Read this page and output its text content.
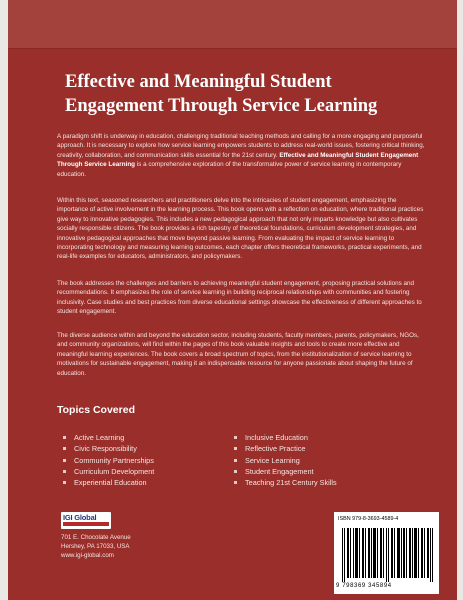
Effective and Meaningful Student
Engagement Through Service Learning
A paradigm shift is underway in education, challenging traditional teaching methods and calling for a more engaging and purposeful approach. It is necessary to explore how service learning empowers students to address real-world issues, fostering critical thinking, creativity, collaboration, and communication skills essential for the 21st century. Effective and Meaningful Student Engagement Through Service Learning is a comprehensive exploration of the transformative power of service learning in contemporary education.
Within this text, seasoned researchers and practitioners delve into the intricacies of student engagement, emphasizing the importance of active involvement in the learning process. This book opens with a reflection on education, where traditional practices give way to innovative pedagogies. This includes a new pedagogical approach that not only imparts knowledge but also cultivates socially responsible citizens. The book provides a rich tapestry of theoretical foundations, curriculum development strategies, and innovative pedagogical approaches that move beyond passive learning. From evaluating the impact of service learning to incorporating technology and measuring learning outcomes, each chapter offers theoretical frameworks, practical experiments, and real-life examples for educators, administrators, and policymakers.
The book addresses the challenges and barriers to achieving meaningful student engagement, proposing practical solutions and recommendations. It emphasizes the role of service learning in building reciprocal relationships with communities and fostering inclusivity. Case studies and best practices from diverse educational settings showcase the effectiveness of different approaches to student engagement.
The diverse audience within and beyond the education sector, including students, faculty members, parents, policymakers, NGOs, and community organizations, will find within the pages of this book valuable insights and tools to create more effective and meaningful learning experiences. The book covers a broad spectrum of topics, from the institutionalization of service learning to motivations for sustainable engagement, making it an indispensable resource for anyone passionate about shaping the future of education.
Topics Covered
Active Learning
Civic Responsibility
Community Partnerships
Curriculum Development
Experiential Education
Inclusive Education
Reflective Practice
Service Learning
Student Engagement
Teaching 21st Century Skills
IGI Global
701 E. Chocolate Avenue
Hershey, PA 17033, USA
www.igi-global.com
ISBN 979-8-3693-4589-4
9 798369 345894
